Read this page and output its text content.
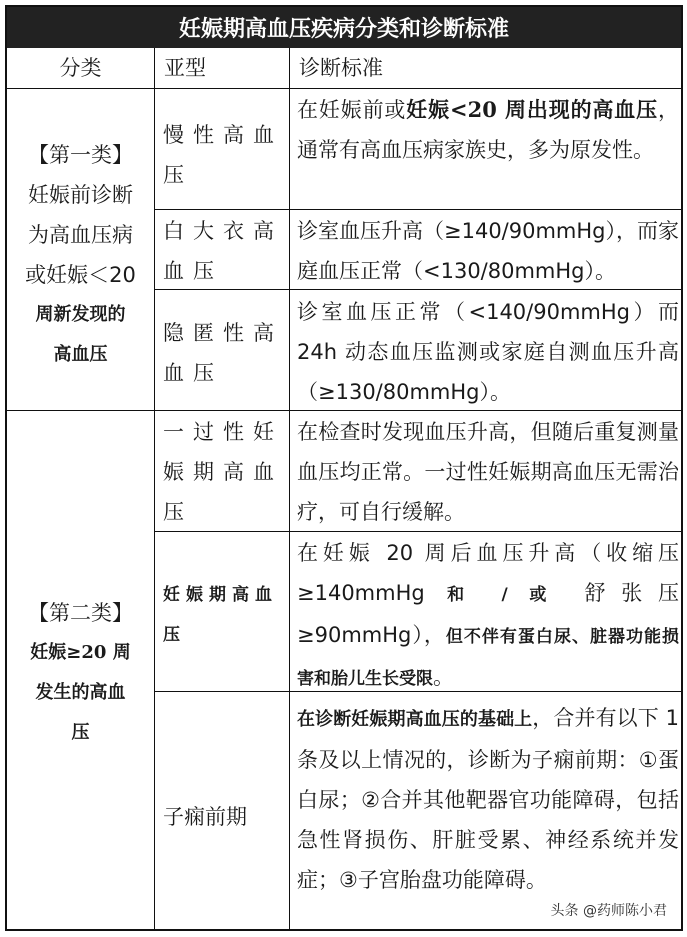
妊娠期高血压疾病分类和诊断标准
分类	亚型	诊断标准
【第一类】
妊娠前诊断
为高血压病
或妊娠＜20
周新发现的
高血压
慢性高血压
在妊娠前或妊娠<20 周出现的高血压，通常有高血压病家族史，多为原发性。
白大衣高血压
诊室血压升高（≥140/90mmHg），而家庭血压正常（<130/80mmHg）。
隐匿性高血压
诊室血压正常（<140/90mmHg）而24h 动态血压监测或家庭自测血压升高（≥130/80mmHg）。
【第二类】
妊娠≥20 周
发生的高血
压
一过性妊娠期高血压
在检查时发现血压升高，但随后重复测量血压均正常。一过性妊娠期高血压无需治疗，可自行缓解。
妊娠期高血压
在妊娠 20 周后血压升高（收缩压≥140mmHg 和 / 或 舒张压≥90mmHg），但不伴有蛋白尿、脏器功能损害和胎儿生长受限。
子痫前期
在诊断妊娠期高血压的基础上，合并有以下 1 条及以上情况的，诊断为子痫前期：①蛋白尿；②合并其他靶器官功能障碍，包括急性肾损伤、肝脏受累、神经系统并发症；③子宫胎盘功能障碍。
头条 @药师陈小君
